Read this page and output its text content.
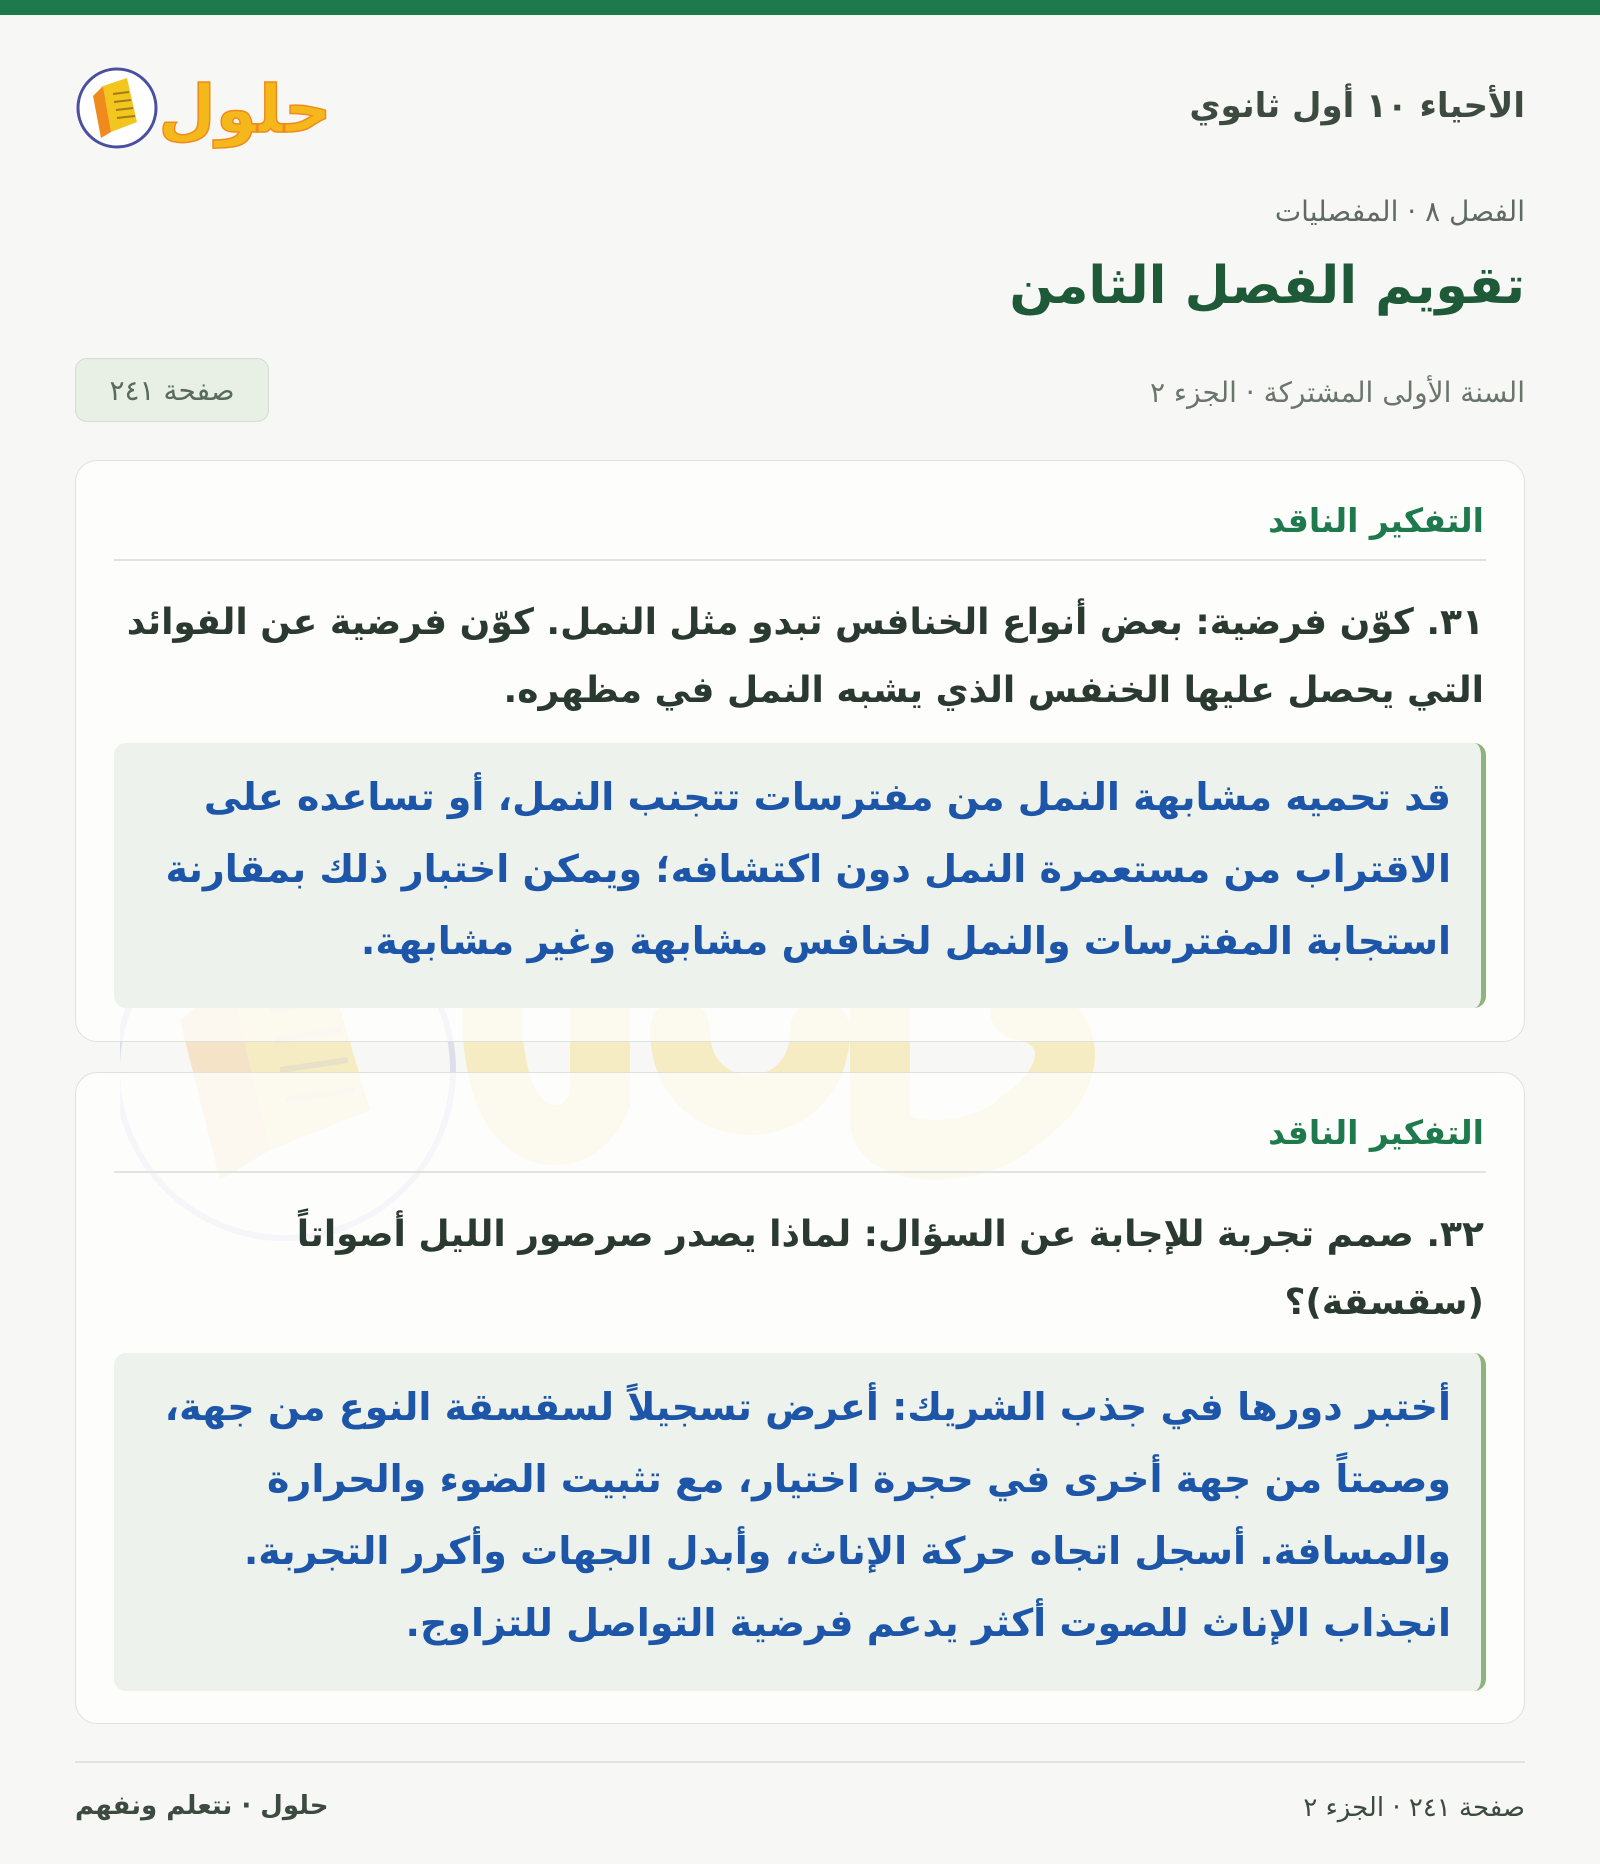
الأحياء ١٠ أول ثانوي
حلول
الفصل ٨ · المفصليات
تقويم الفصل الثامن
السنة الأولى المشتركة · الجزء ٢
صفحة ٢٤١
التفكير الناقد

٣١. كوّن فرضية: بعض أنواع الخنافس تبدو مثل النمل. كوّن فرضية عن الفوائد التي يحصل عليها الخنفس الذي يشبه النمل في مظهره.

قد تحميه مشابهة النمل من مفترسات تتجنب النمل، أو تساعده على الاقتراب من مستعمرة النمل دون اكتشافه؛ ويمكن اختبار ذلك بمقارنة استجابة المفترسات والنمل لخنافس مشابهة وغير مشابهة.
التفكير الناقد

٣٢. صمم تجربة للإجابة عن السؤال: لماذا يصدر صرصور الليل أصواتاً (سقسقة)؟

أختبر دورها في جذب الشريك: أعرض تسجيلاً لسقسقة النوع من جهة، وصمتاً من جهة أخرى في حجرة اختيار، مع تثبيت الضوء والحرارة والمسافة. أسجل اتجاه حركة الإناث، وأبدل الجهات وأكرر التجربة. انجذاب الإناث للصوت أكثر يدعم فرضية التواصل للتزاوج.
صفحة ٢٤١ · الجزء ٢
حلول · نتعلم ونفهم
